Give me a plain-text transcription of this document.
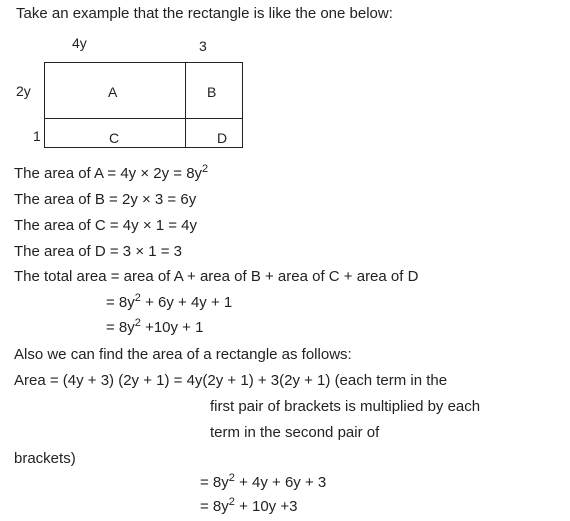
Take an example that the rectangle is like the one below:
4y	3
2y
1
A	B
C	D
The area of $A = 4y \times 2y = 8y^2$
The area of B = 2y × 3 = 6y
The area of C = 4y × 1 = 4y
The area of D = 3 × 1 = 3
The total area = area of A + area of B + area of C + area of D
= $8y^2 + 6y + 4y + 1$
= $8y^2 +10y + 1$
Also we can find the area of a rectangle as follows:
Area = (4y + 3) (2y + 1) = 4y(2y + 1) + 3(2y + 1) (each term in the
first pair of brackets is multiplied by each
term in the second pair of
brackets)
= $8y^2 + 4y + 6y + 3$
= $8y^2 + 10y +3$
